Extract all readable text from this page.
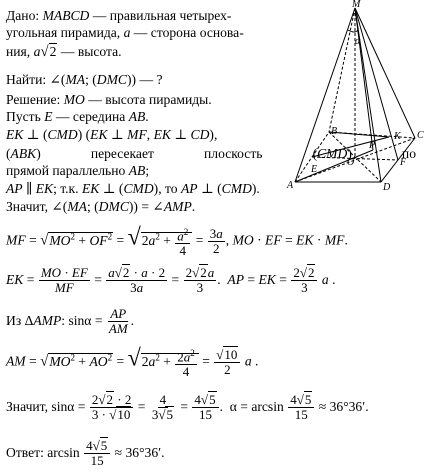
Дано: MABCD — правильная четырех-
угольная пирамида, a — сторона основа-
ния, a√2 — высота.
Найти: ∠(MA; (DMC)) — ?
Решение: MO — высота пирамиды.
Пусть E — середина AB.
EK ⊥ (CMD) (EK ⊥ MF, EK ⊥ CD),
(ABK)	пересекает	плоскость	(CMD)	по
прямой параллельно AB;
AP ∥ EK; т.к. EK ⊥ (CMD), то AP ⊥ (CMD).
Значит, ∠(MA; (DMC)) = ∠AMP.
MF = $√MO^2 + OF^2 = √2a^2 + \frac{a^2}{4} = \frac{3a}{2}$ , MO · EF = EK · MF.
EK = $\frac{MO \cdot EF}{MF} = \frac{a√2 \cdot a \cdot 2}{3a} = \frac{2√2a}{3}$ .  AP = EK = $\frac{2√2}{3}$ a .
Из ΔAMP: $\sin\alpha = \frac{AP}{AM}$ .
AM = $√MO^2 + AO^2 = √2a^2 + \frac{2a^2}{4} = \frac{√10}{2}$ a .
Значит, $\sin\alpha = \frac{2√2 \cdot 2}{3 \cdot √10} = \frac{4}{3√5} = \frac{4√5}{15}$ .  $\alpha = \arcsin \frac{4√5}{15} \approx 36^\circ 36'$.
Ответ: $\arcsin \frac{4√5}{15} \approx 36^\circ 36'$.
M
α
B	K C
P
F
E
O
A	D
